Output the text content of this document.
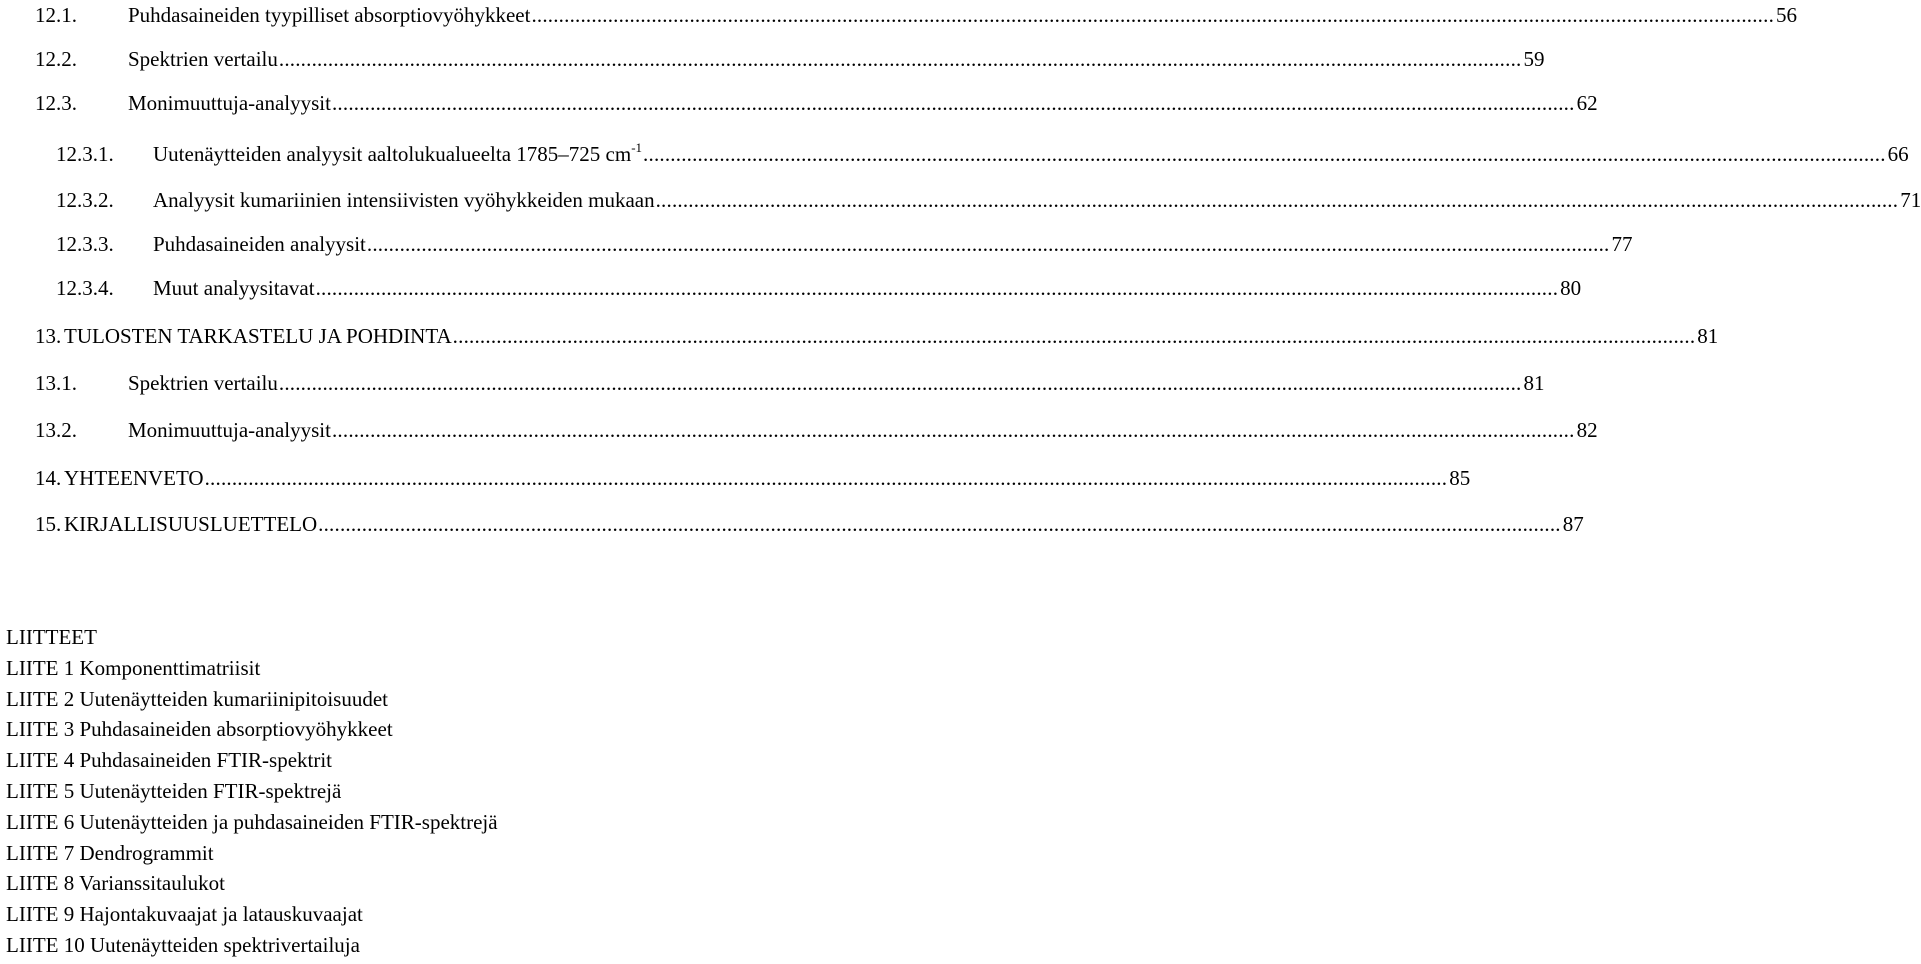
12.1. Puhdasaineiden tyypilliset absorptiovyöhykkeet .....	56
12.2. Spektrien vertailu .....	59
12.3. Monimuuttuja-analyysit .....	62
12.3.1. Uutenäytteiden analyysit aaltolukualueelta 1785–725 $cm^{-1}$ .....	66
12.3.2. Analyysit kumariinien intensiivisten vyöhykkeiden mukaan .....	71
12.3.3. Puhdasaineiden analyysit .....	77
12.3.4. Muut analyysitavat .....	80
13. TULOSTEN TARKASTELU JA POHDINTA .....	81
13.1. Spektrien vertailu .....	81
13.2. Monimuuttuja-analyysit .....	82
14. YHTEENVETO .....	85
15. KIRJALLISUUSLUETTELO .....	87
LIITTEET
LIITE 1 Komponenttimatriisit
LIITE 2 Uutenäytteiden kumariinipitoisuudet
LIITE 3 Puhdasaineiden absorptiovyöhykkeet
LIITE 4 Puhdasaineiden FTIR-spektrit
LIITE 5 Uutenäytteiden FTIR-spektrejä
LIITE 6 Uutenäytteiden ja puhdasaineiden FTIR-spektrejä
LIITE 7 Dendrogrammit
LIITE 8 Varianssitaulukot
LIITE 9 Hajontakuvaajat ja latauskuvaajat
LIITE 10 Uutenäytteiden spektrivertailuja
